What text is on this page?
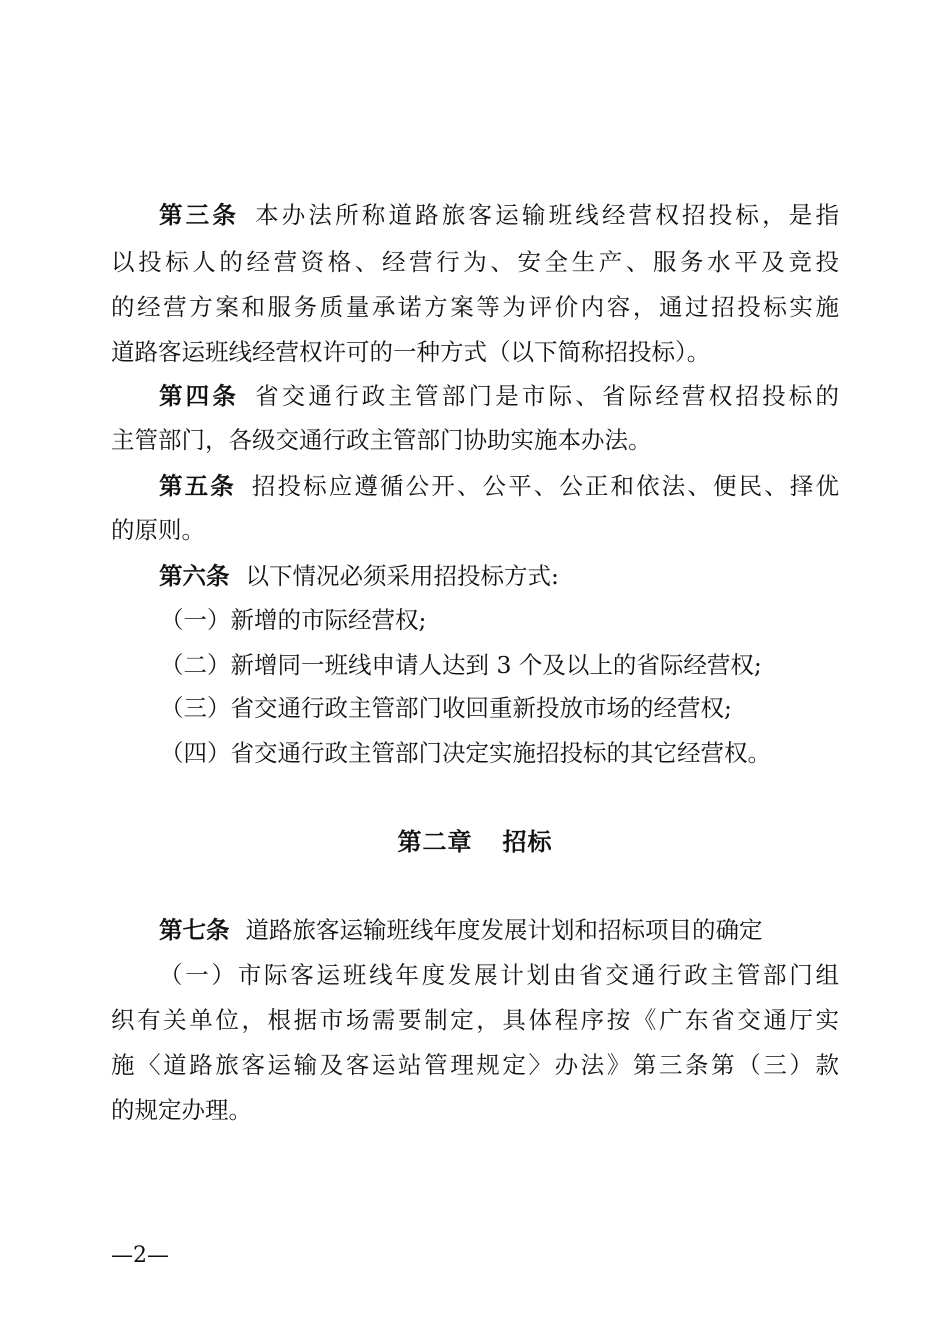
第三条 本办法所称道路旅客运输班线经营权招投标，是指
以投标人的经营资格、经营行为、安全生产、服务水平及竞投
的经营方案和服务质量承诺方案等为评价内容，通过招投标实施
道路客运班线经营权许可的一种方式（以下简称招投标）。
第四条 省交通行政主管部门是市际、省际经营权招投标的
主管部门，各级交通行政主管部门协助实施本办法。
第五条 招投标应遵循公开、公平、公正和依法、便民、择优
的原则。
第六条 以下情况必须采用招投标方式:
（一）新增的市际经营权;
（二）新增同一班线申请人达到 3 个及以上的省际经营权;
（三）省交通行政主管部门收回重新投放市场的经营权;
（四）省交通行政主管部门决定实施招投标的其它经营权。
第二章 招标
第七条 道路旅客运输班线年度发展计划和招标项目的确定
（一）市际客运班线年度发展计划由省交通行政主管部门组
织有关单位，根据市场需要制定，具体程序按《广东省交通厅实
施〈道路旅客运输及客运站管理规定〉办法》第三条第（三）款
的规定办理。
—2—
